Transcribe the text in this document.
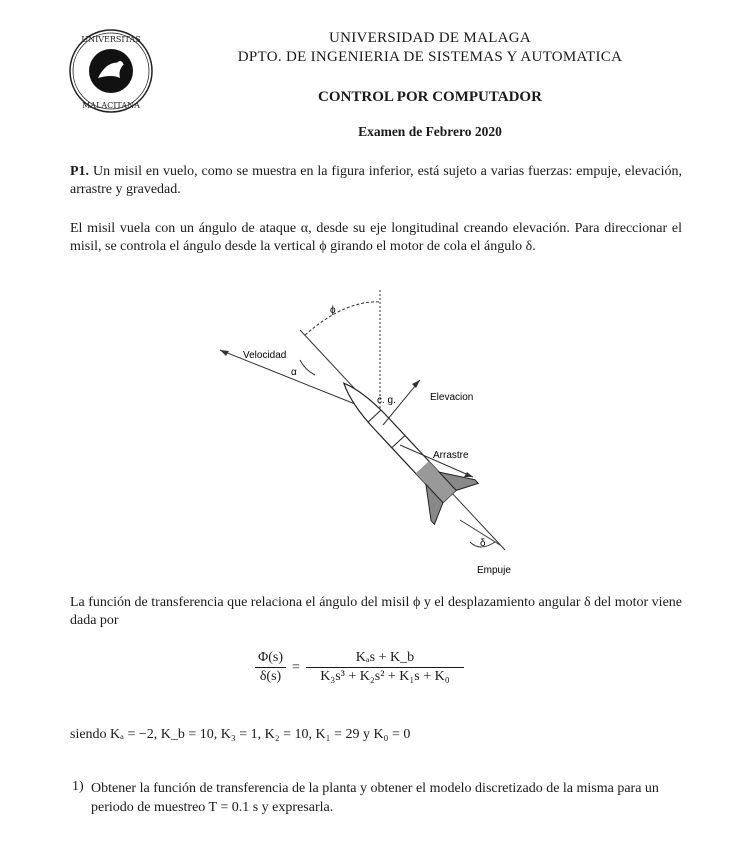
UNIVERSITAS
MALACITANA
UNIVERSIDAD DE MALAGA
DPTO. DE INGENIERIA DE SISTEMAS Y AUTOMATICA
CONTROL POR COMPUTADOR
Examen de Febrero 2020
P1. Un misil en vuelo, como se muestra en la figura inferior, está sujeto a varias fuerzas: empuje, elevación, arrastre y gravedad.
El misil vuela con un ángulo de ataque α, desde su eje longitudinal creando elevación. Para direccionar el misil, se controla el ángulo desde la vertical ϕ girando el motor de cola el ángulo δ.
Velocidad
Elevacion
Arrastre
Empuje
c. g.
ϕ
α
δ
La función de transferencia que relaciona el ángulo del misil ϕ y el desplazamiento angular δ del motor viene dada por
$\frac{\Phi(s)}{\delta(s)} = \frac{\text{Kₐs + K\_b}}{\text{K₃s³ + K₂s² + K₁s + K₀}}$
siendo Kₐ = −2, K_b = 10, K₃ = 1, K₂ = 10, K₁ = 29 y K₀ = 0
1) Obtener la función de transferencia de la planta y obtener el modelo discretizado de la misma para un periodo de muestreo T = 0.1 s y expresarla.
